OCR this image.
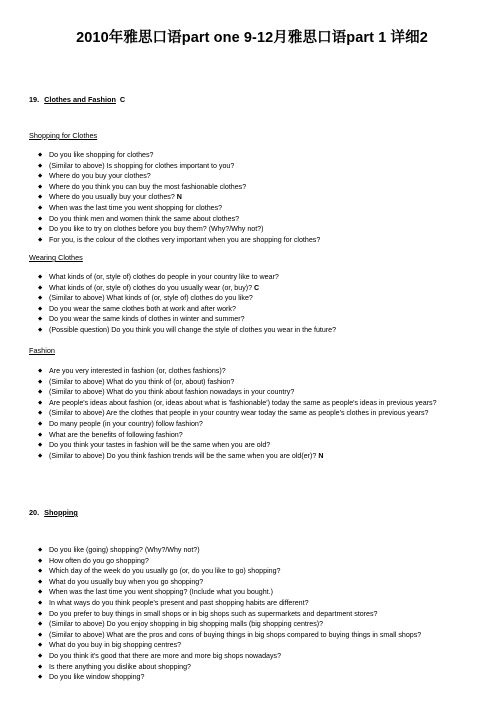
2010年雅思口语part one 9-12月雅思口语part 1 详细2
19. Clothes and Fashion C
Shopping for Clothes
◆ Do you like shopping for clothes?
◆ (Similar to above) Is shopping for clothes important to you?
◆ Where do you buy your clothes?
◆ Where do you think you can buy the most fashionable clothes?
◆ Where do you usually buy your clothes? N
◆ When was the last time you went shopping for clothes?
◆ Do you think men and women think the same about clothes?
◆ Do you like to try on clothes before you buy them? (Why?/Why not?)
◆ For you, is the colour of the clothes very important when you are shopping for clothes?
Wearing Clothes
◆ What kinds of (or, style of) clothes do people in your country like to wear?
◆ What kinds of (or, style of) clothes do you usually wear (or, buy)? C
◆ (Similar to above) What kinds of (or, style of) clothes do you like?
◆ Do you wear the same clothes both at work and after work?
◆ Do you wear the same kinds of clothes in winter and summer?
◆ (Possible question) Do you think you will change the style of clothes you wear in the future?
Fashion
◆ Are you very interested in fashion (or, clothes fashions)?
◆ (Similar to above) What do you think of (or, about) fashion?
◆ (Similar to above) What do you think about fashion nowadays in your country?
◆ Are people's ideas about fashion (or, ideas about what is 'fashionable') today the same as people's ideas in previous years?
◆ (Similar to above) Are the clothes that people in your country wear today the same as people's clothes in previous years?
◆ Do many people (in your country) follow fashion?
◆ What are the benefits of following fashion?
◆ Do you think your tastes in fashion will be the same when you are old?
◆ (Similar to above) Do you think fashion trends will be the same when you are old(er)? N
20. Shopping
◆ Do you like (going) shopping? (Why?/Why not?)
◆ How often do you go shopping?
◆ Which day of the week do you usually go (or, do you like to go) shopping?
◆ What do you usually buy when you go shopping?
◆ When was the last time you went shopping? (Include what you bought.)
◆ In what ways do you think people's present and past shopping habits are different?
◆ Do you prefer to buy things in small shops or in big shops such as supermarkets and department stores?
◆ (Similar to above) Do you enjoy shopping in big shopping malls (big shopping centres)?
◆ (Similar to above) What are the pros and cons of buying things in big shops compared to buying things in small shops?
◆ What do you buy in big shopping centres?
◆ Do you think it's good that there are more and more big shops nowadays?
◆ Is there anything you dislike about shopping?
◆ Do you like window shopping?
